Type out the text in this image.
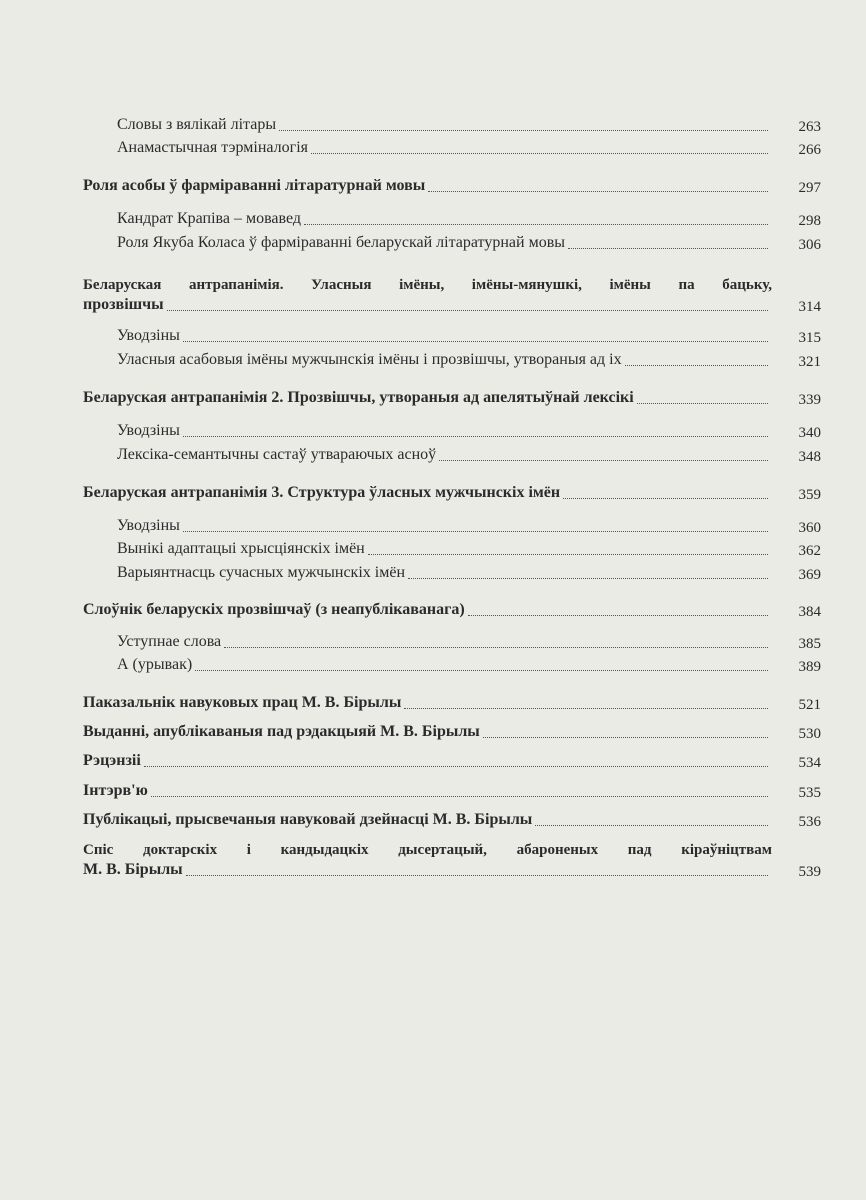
Словы з вялікай літары	263
Анамастычная тэрміналогія	266
Роля асобы ў фарміраванні літаратурнай мовы	297
Кандрат Крапіва – мовавед	298
Роля Якуба Коласа ў фарміраванні беларускай літаратурнай мовы	306
Беларуская антрапанімія. Уласныя імёны, імёны-мянушкі, імёны па бацьку,
прозвішчы	314
Уводзіны	315
Уласныя асабовыя імёны мужчынскія імёны і прозвішчы, утвораныя ад іх	321
Беларуская антрапанімія 2. Прозвішчы, утвораныя ад апелятыўнай лексікі	339
Уводзіны	340
Лексіка-семантычны састаў утвараючых асноў	348
Беларуская антрапанімія 3. Структура ўласных мужчынскіх імён	359
Уводзіны	360
Вынікі адаптацыі хрысціянскіх імён	362
Варыянтнасць сучасных мужчынскіх імён	369
Слоўнік беларускіх прозвішчаў (з неапублікаванага)	384
Уступнае слова	385
А (урывак)	389
Паказальнік навуковых прац М. В. Бірылы	521
Выданні, апублікаваныя пад рэдакцыяй М. В. Бірылы	530
Рэцэнзіі	534
Інтэрв'ю	535
Публікацыі, прысвечаныя навуковай дзейнасці М. В. Бірылы	536
Спіс доктарскіх і кандыдацкіх дысертацый, абароненых пад кіраўніцтвам
М. В. Бірылы	539
